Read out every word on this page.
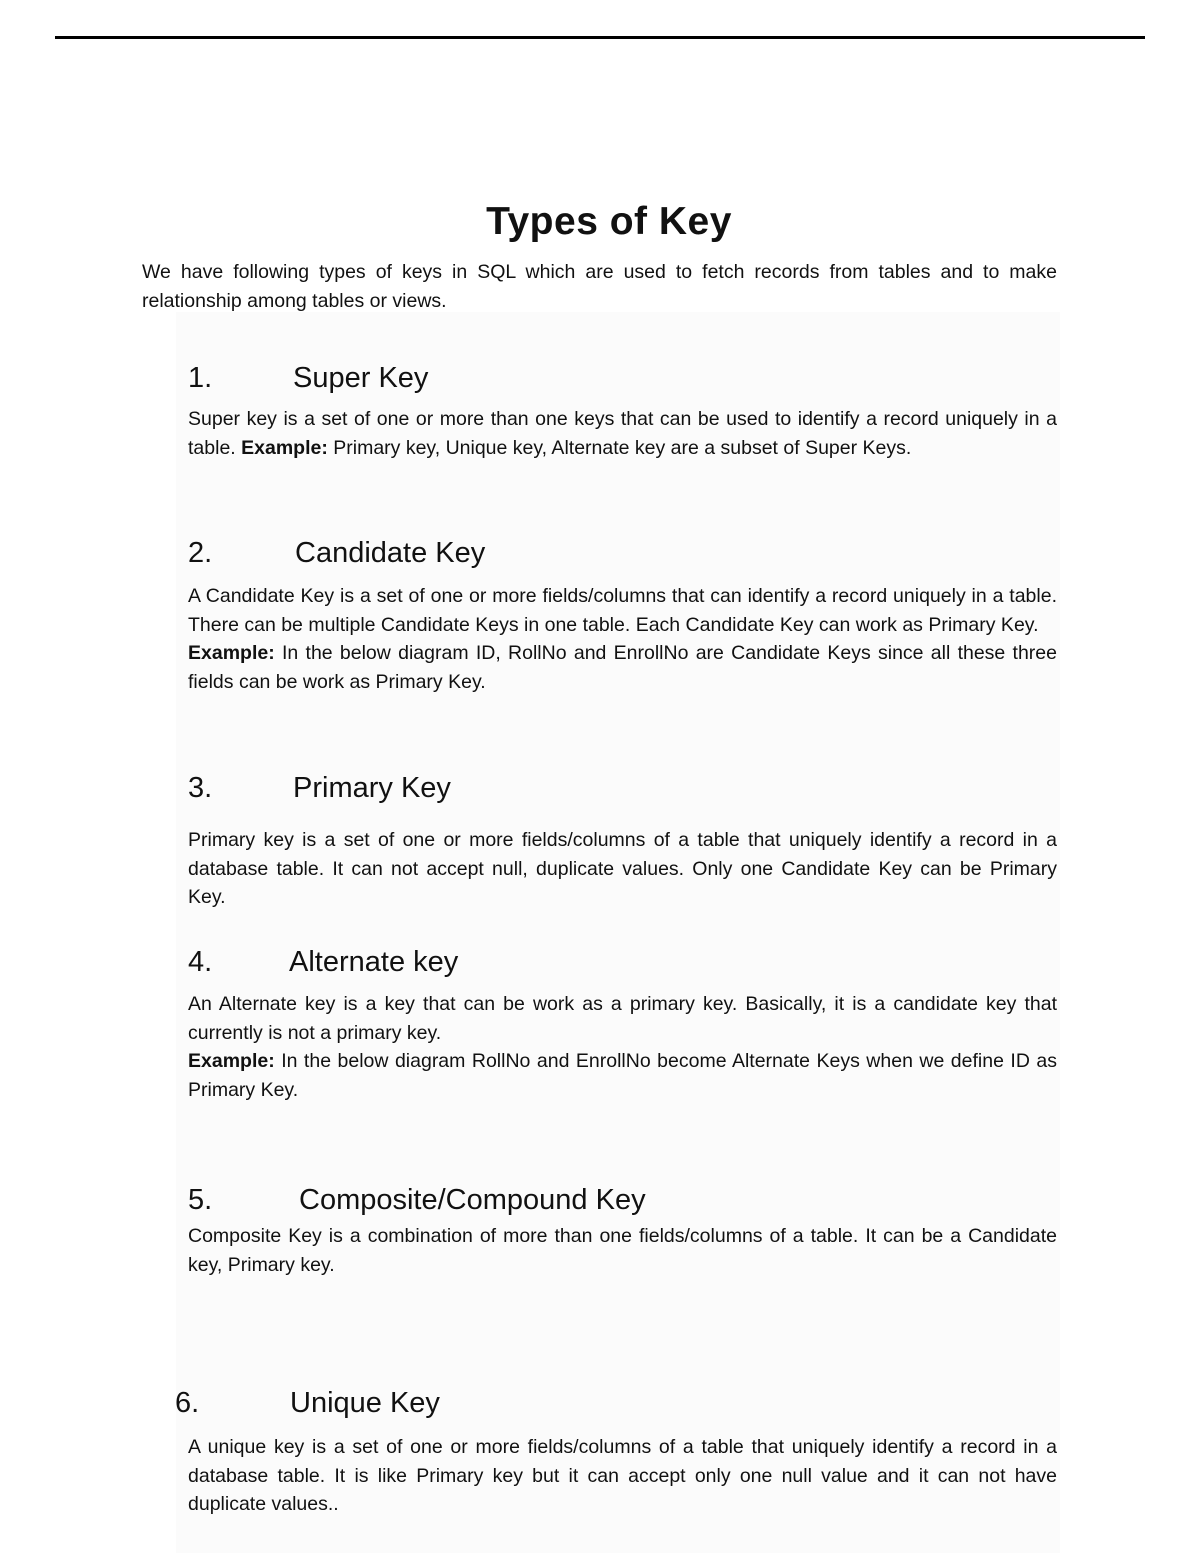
Types of Key
We have following types of keys in SQL which are used to fetch records from tables and to make relationship among tables or views.
1.	Super Key
Super key is a set of one or more than one keys that can be used to identify a record uniquely in a table. Example: Primary key, Unique key, Alternate key are a subset of Super Keys.
2.	Candidate Key
A Candidate Key is a set of one or more fields/columns that can identify a record uniquely in a table. There can be multiple Candidate Keys in one table. Each Candidate Key can work as Primary Key.
Example: In the below diagram ID, RollNo and EnrollNo are Candidate Keys since all these three fields can be work as Primary Key.
3.	Primary Key
Primary key is a set of one or more fields/columns of a table that uniquely identify a record in a database table. It can not accept null, duplicate values. Only one Candidate Key can be Primary Key.
4.	Alternate key
An Alternate key is a key that can be work as a primary key. Basically, it is a candidate key that currently is not a primary key.
Example: In the below diagram RollNo and EnrollNo become Alternate Keys when we define ID as Primary Key.
5.	Composite/Compound Key
Composite Key is a combination of more than one fields/columns of a table. It can be a Candidate key, Primary key.
6.	Unique Key
A unique key is a set of one or more fields/columns of a table that uniquely identify a record in a database table. It is like Primary key but it can accept only one null value and it can not have duplicate values..
